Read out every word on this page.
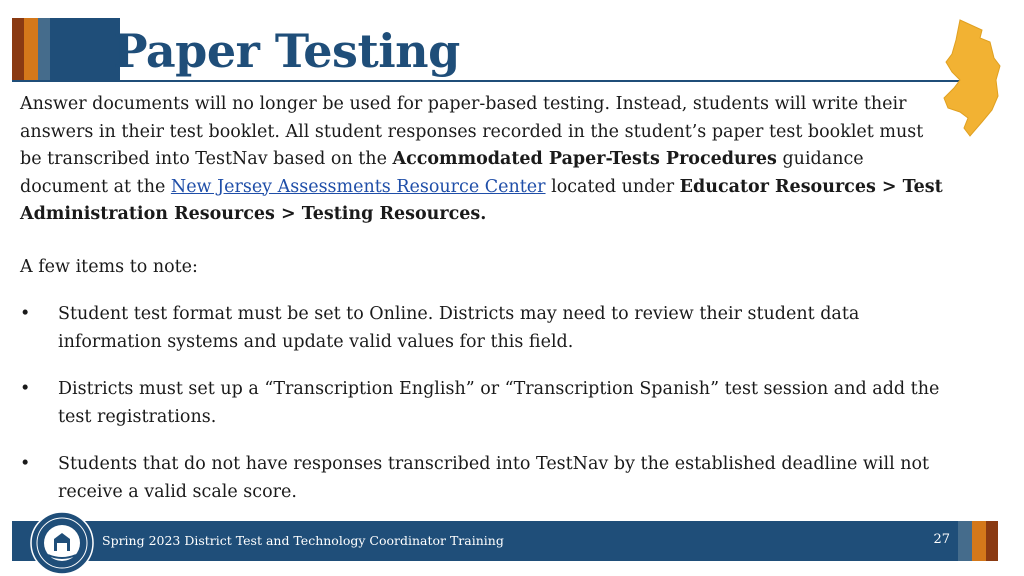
Paper Testing

Answer documents will no longer be used for paper-based testing. Instead, students will write their answers in their test booklet. All student responses recorded in the student’s paper test booklet must be transcribed into TestNav based on the Accommodated Paper-Tests Procedures guidance document at the New Jersey Assessments Resource Center located under Educator Resources > Test Administration Resources > Testing Resources.

A few items to note:

• Student test format must be set to Online. Districts may need to review their student data information systems and update valid values for this field.
• Districts must set up a “Transcription English” or “Transcription Spanish” test session and add the test registrations.
• Students that do not have responses transcribed into TestNav by the established deadline will not receive a valid scale score.
Spring 2023 District Test and Technology Coordinator Training	27
